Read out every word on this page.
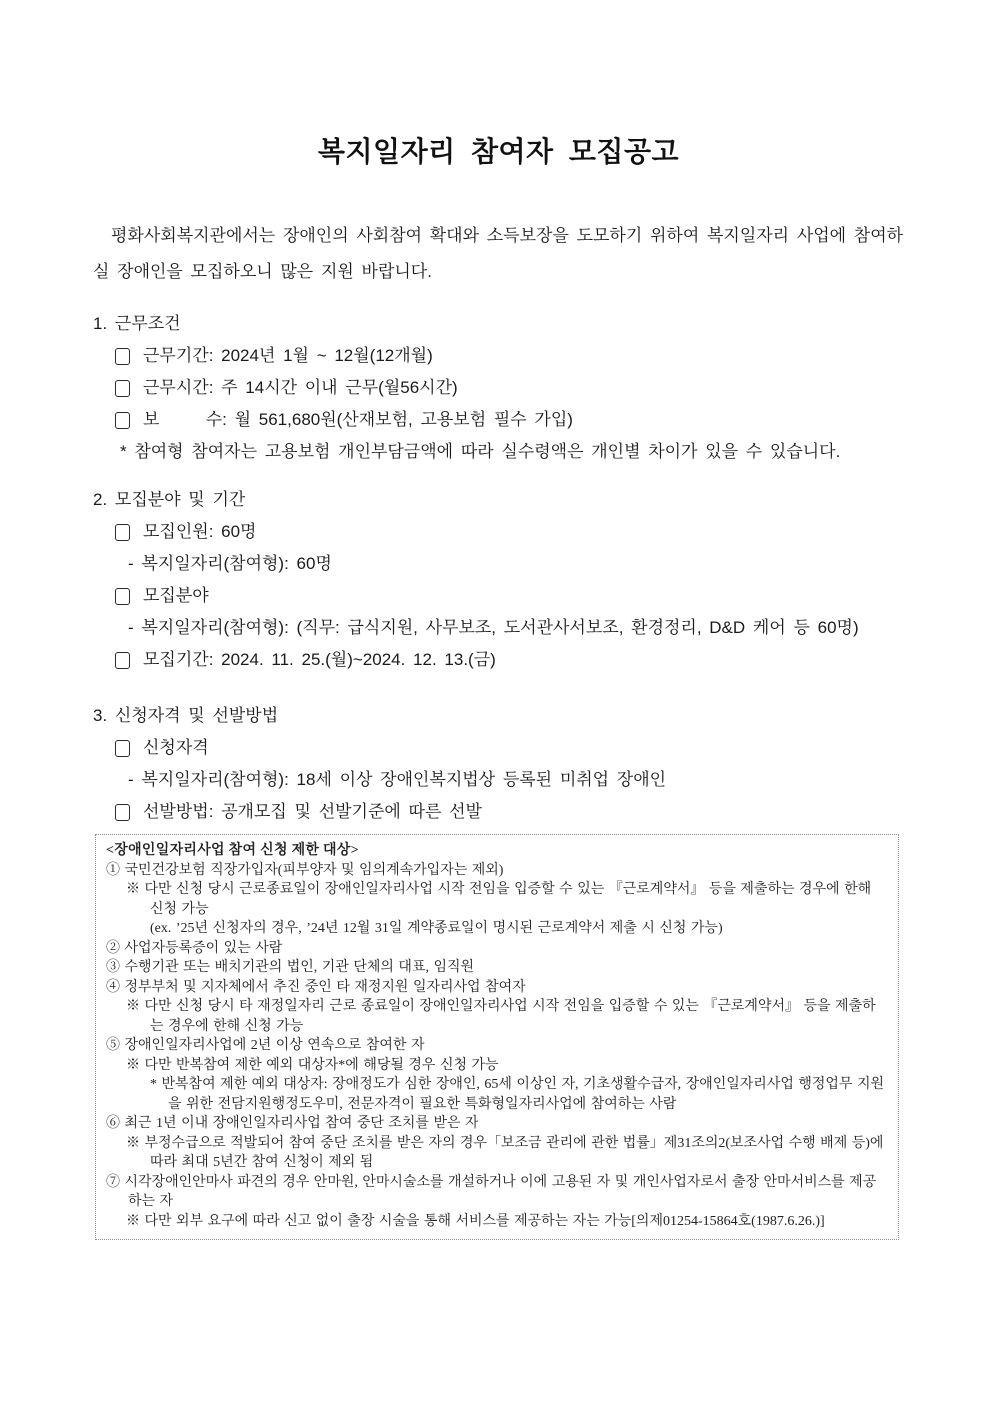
복지일자리 참여자 모집공고

평화사회복지관에서는 장애인의 사회참여 확대와 소득보장을 도모하기 위하여 복지일자리 사업에 참여하실 장애인을 모집하오니 많은 지원 바랍니다.

1. 근무조건
근무기간: 2024년 1월 ~ 12월(12개월)
근무시간: 주 14시간 이내 근무(월56시간)
보      수: 월 561,680원(산재보험, 고용보험 필수 가입)
* 참여형 참여자는 고용보험 개인부담금액에 따라 실수령액은 개인별 차이가 있을 수 있습니다.
2. 모집분야 및 기간
모집인원: 60명
- 복지일자리(참여형): 60명
모집분야
- 복지일자리(참여형): (직무: 급식지원, 사무보조, 도서관사서보조, 환경정리, D&D 케어 등 60명)
모집기간: 2024. 11. 25.(월)~2024. 12. 13.(금)
3. 신청자격 및 선발방법
신청자격
- 복지일자리(참여형): 18세 이상 장애인복지법상 등록된 미취업 장애인
선발방법: 공개모집 및 선발기준에 따른 선발
<장애인일자리사업 참여 신청 제한 대상>
① 국민건강보험 직장가입자(피부양자 및 임의계속가입자는 제외)
※ 다만 신청 당시 근로종료일이 장애인일자리사업 시작 전임을 입증할 수 있는 『근로계약서』 등을 제출하는 경우에 한해 신청 가능
(ex. ’25년 신청자의 경우, ’24년 12월 31일 계약종료일이 명시된 근로계약서 제출 시 신청 가능)
② 사업자등록증이 있는 사람
③ 수행기관 또는 배치기관의 법인, 기관 단체의 대표, 임직원
④ 정부부처 및 지자체에서 추진 중인 타 재정지원 일자리사업 참여자
※ 다만 신청 당시 타 재정일자리 근로 종료일이 장애인일자리사업 시작 전임을 입증할 수 있는 『근로계약서』 등을 제출하는 경우에 한해 신청 가능
⑤ 장애인일자리사업에 2년 이상 연속으로 참여한 자
※ 다만 반복참여 제한 예외 대상자*에 해당될 경우 신청 가능
* 반복참여 제한 예외 대상자: 장애정도가 심한 장애인, 65세 이상인 자, 기초생활수급자, 장애인일자리사업 행정업무 지원을 위한 전담지원행정도우미, 전문자격이 필요한 특화형일자리사업에 참여하는 사람
⑥ 최근 1년 이내 장애인일자리사업 참여 중단 조치를 받은 자
※ 부정수급으로 적발되어 참여 중단 조치를 받은 자의 경우「보조금 관리에 관한 법률」제31조의2(보조사업 수행 배제 등)에 따라 최대 5년간 참여 신청이 제외 됨
⑦ 시각장애인안마사 파견의 경우 안마원, 안마시술소를 개설하거나 이에 고용된 자 및 개인사업자로서 출장 안마서비스를 제공하는 자
※ 다만 외부 요구에 따라 신고 없이 출장 시술을 통해 서비스를 제공하는 자는 가능[의제01254-15864호(1987.6.26.)]
